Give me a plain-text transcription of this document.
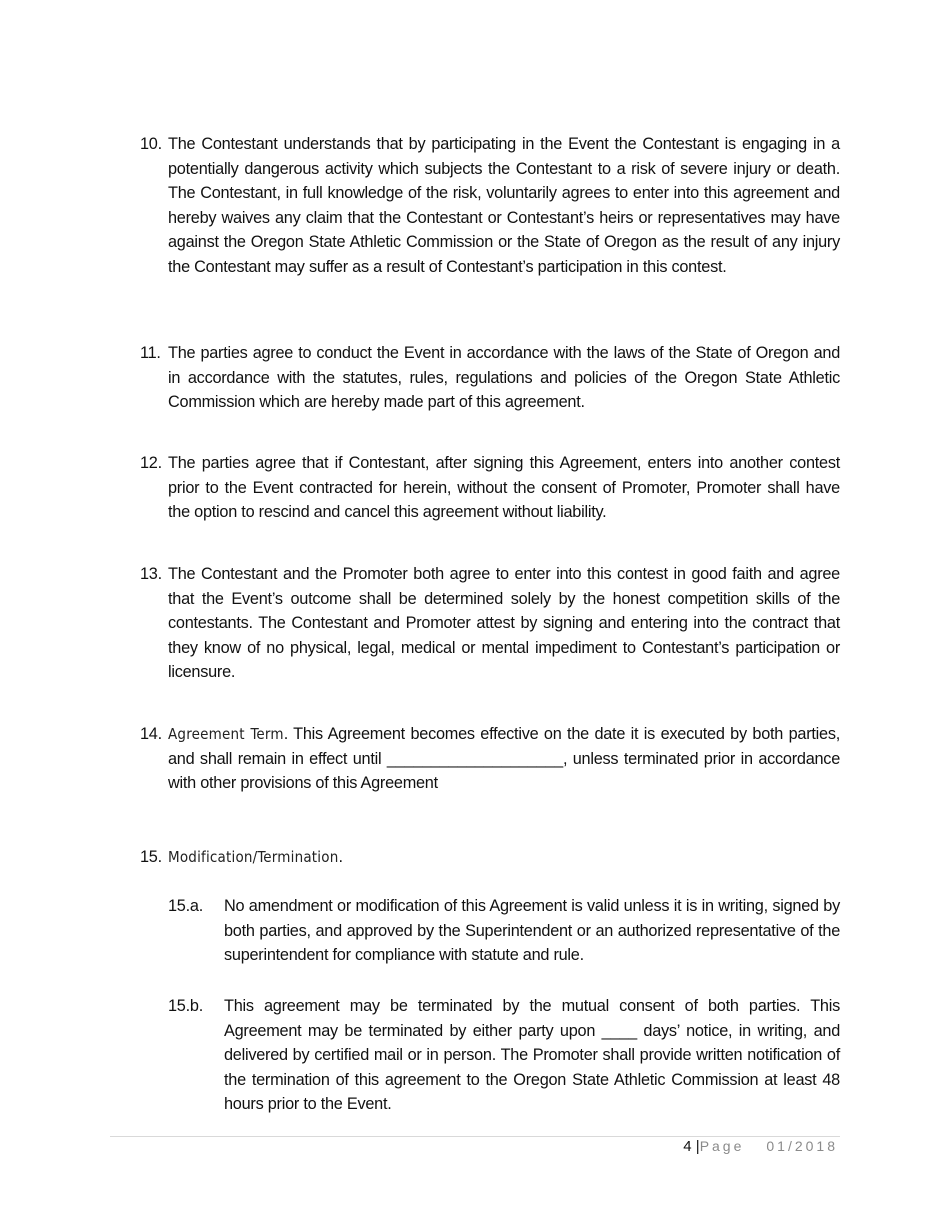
10. The Contestant understands that by participating in the Event the Contestant is engaging in a potentially dangerous activity which subjects the Contestant to a risk of severe injury or death. The Contestant, in full knowledge of the risk, voluntarily agrees to enter into this agreement and hereby waives any claim that the Contestant or Contestant’s heirs or representatives may have against the Oregon State Athletic Commission or the State of Oregon as the result of any injury the Contestant may suffer as a result of Contestant’s participation in this contest.
11. The parties agree to conduct the Event in accordance with the laws of the State of Oregon and in accordance with the statutes, rules, regulations and policies of the Oregon State Athletic Commission which are hereby made part of this agreement.
12. The parties agree that if Contestant, after signing this Agreement, enters into another contest prior to the Event contracted for herein, without the consent of Promoter, Promoter shall have the option to rescind and cancel this agreement without liability.
13. The Contestant and the Promoter both agree to enter into this contest in good faith and agree that the Event’s outcome shall be determined solely by the honest competition skills of the contestants. The Contestant and Promoter attest by signing and entering into the contract that they know of no physical, legal, medical or mental impediment to Contestant’s participation or licensure.
14. Agreement Term. This Agreement becomes effective on the date it is executed by both parties, and shall remain in effect until ____________________, unless terminated prior in accordance with other provisions of this Agreement
15. Modification/Termination.
15.a. No amendment or modification of this Agreement is valid unless it is in writing, signed by both parties, and approved by the Superintendent or an authorized representative of the superintendent for compliance with statute and rule.
15.b. This agreement may be terminated by the mutual consent of both parties. This Agreement may be terminated by either party upon ____ days’ notice, in writing, and delivered by certified mail or in person. The Promoter shall provide written notification of the termination of this agreement to the Oregon State Athletic Commission at least 48 hours prior to the Event.
4 |Page 01/2018
